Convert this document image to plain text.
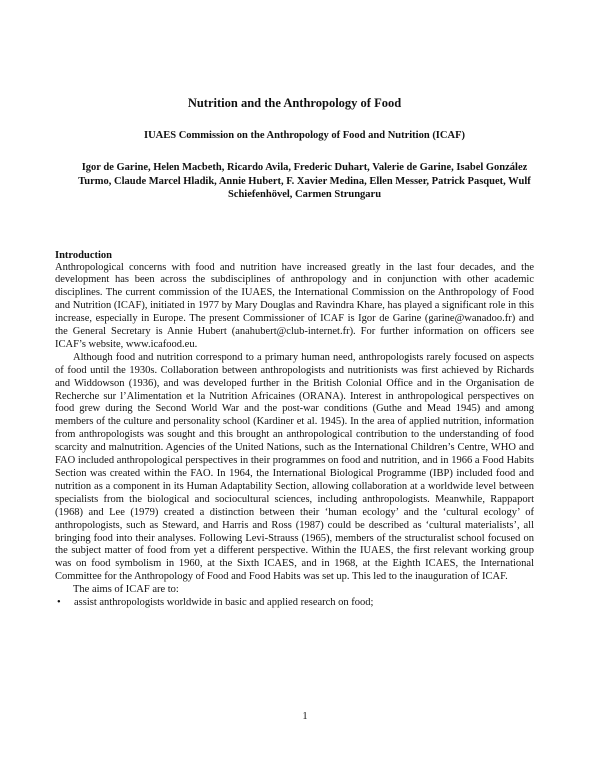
Nutrition and the Anthropology of Food
IUAES Commission on the Anthropology of Food and Nutrition (ICAF)

Igor de Garine, Helen Macbeth, Ricardo Avila, Frederic Duhart, Valerie de Garine, Isabel González Turmo, Claude Marcel Hladik, Annie Hubert, F. Xavier Medina, Ellen Messer, Patrick Pasquet, Wulf Schiefenhövel, Carmen Strungaru

Introduction

Anthropological concerns with food and nutrition have increased greatly in the last four decades, and the development has been across the subdisciplines of anthropology and in conjunction with other academic disciplines. The current commission of the IUAES, the International Commission on the Anthropology of Food and Nutrition (ICAF), initiated in 1977 by Mary Douglas and Ravindra Khare, has played a significant role in this increase, especially in Europe. The present Commissioner of ICAF is Igor de Garine (garine@wanadoo.fr) and the General Secretary is Annie Hubert (anahubert@club-internet.fr). For further information on officers see ICAF’s website, www.icafood.eu.

Although food and nutrition correspond to a primary human need, anthropologists rarely focused on aspects of food until the 1930s. Collaboration between anthropologists and nutritionists was first achieved by Richards and Widdowson (1936), and was developed further in the British Colonial Office and in the Organisation de Recherche sur l’Alimentation et la Nutrition Africaines (ORANA). Interest in anthropological perspectives on food grew during the Second World War and the post-war conditions (Guthe and Mead 1945) and among members of the culture and personality school (Kardiner et al. 1945). In the area of applied nutrition, information from anthropologists was sought and this brought an anthropological contribution to the understanding of food scarcity and malnutrition. Agencies of the United Nations, such as the International Children’s Centre, WHO and FAO included anthropological perspectives in their programmes on food and nutrition, and in 1966 a Food Habits Section was created within the FAO. In 1964, the International Biological Programme (IBP) included food and nutrition as a component in its Human Adaptability Section, allowing collaboration at a worldwide level between specialists from the biological and sociocultural sciences, including anthropologists. Meanwhile, Rappaport (1968) and Lee (1979) created a distinction between their ‘human ecology’ and the ‘cultural ecology’ of anthropologists, such as Steward, and Harris and Ross (1987) could be described as ‘cultural materialists’, all bringing food into their analyses. Following Levi-Strauss (1965), members of the structuralist school focused on the subject matter of food from yet a different perspective. Within the IUAES, the first relevant working group was on food symbolism in 1960, at the Sixth ICAES, and in 1968, at the Eighth ICAES, the International Committee for the Anthropology of Food and Food Habits was set up. This led to the inauguration of ICAF.

The aims of ICAF are to:

• assist anthropologists worldwide in basic and applied research on food;
1
